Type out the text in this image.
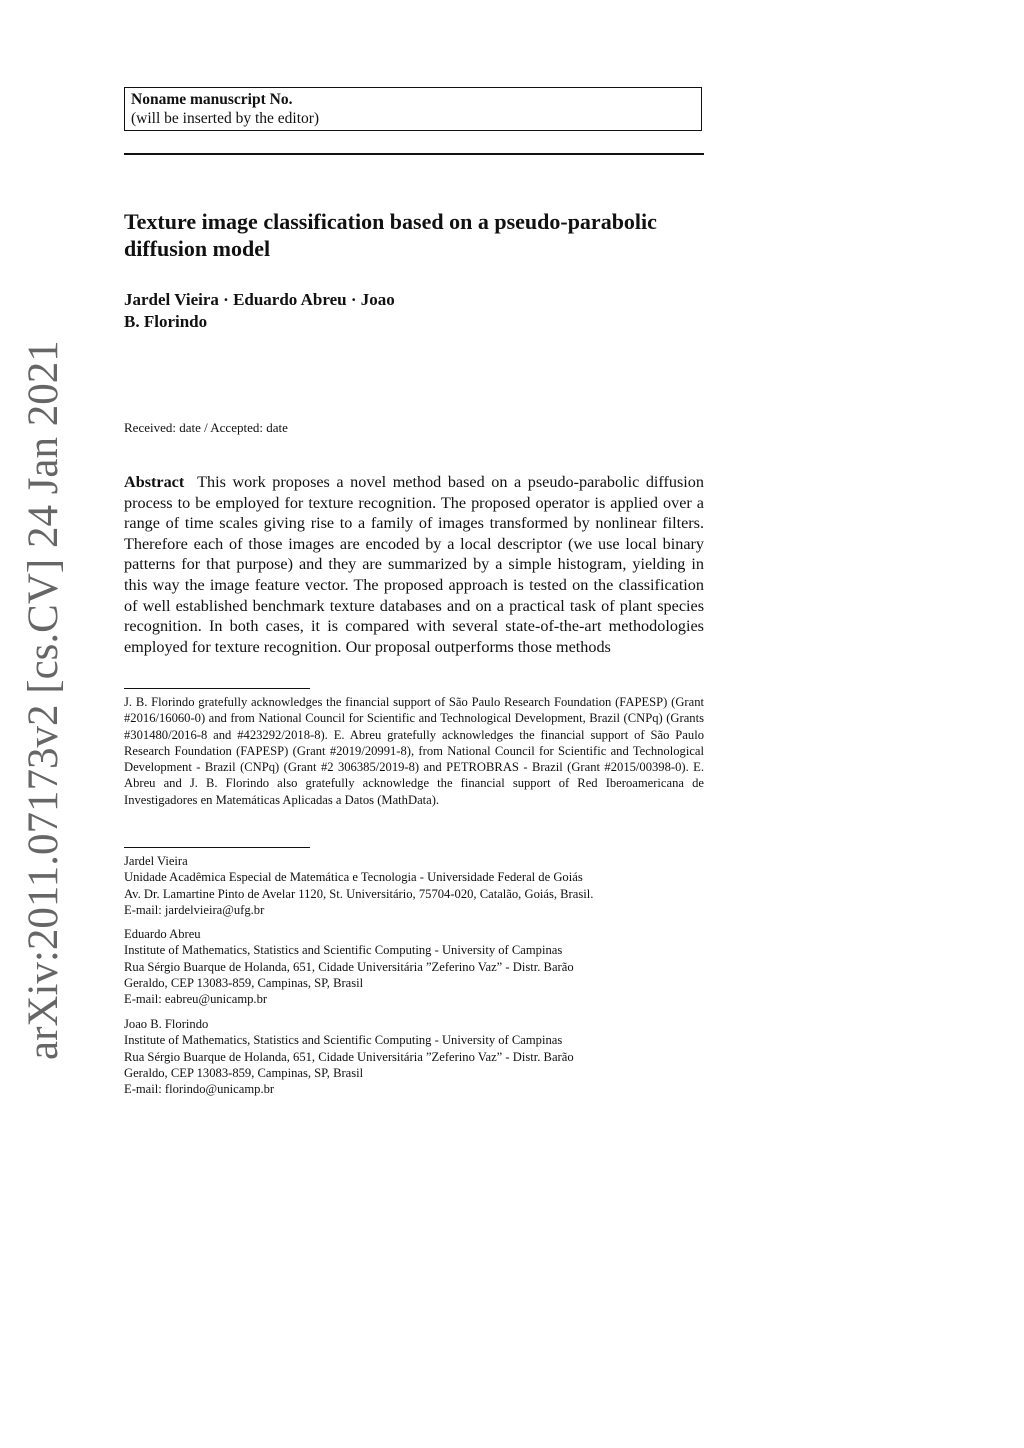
arXiv:2011.07173v2 [cs.CV] 24 Jan 2021
Noname manuscript No.
(will be inserted by the editor)
Texture image classification based on a pseudo-parabolic diffusion model
Jardel Vieira · Eduardo Abreu · Joao
B. Florindo
Received: date / Accepted: date

Abstract This work proposes a novel method based on a pseudo-parabolic diffusion process to be employed for texture recognition. The proposed operator is applied over a range of time scales giving rise to a family of images transformed by nonlinear filters. Therefore each of those images are encoded by a local descriptor (we use local binary patterns for that purpose) and they are summarized by a simple histogram, yielding in this way the image feature vector. The proposed approach is tested on the classification of well established benchmark texture databases and on a practical task of plant species recognition. In both cases, it is compared with several state-of-the-art methodologies employed for texture recognition. Our proposal outperforms those methods

J. B. Florindo gratefully acknowledges the financial support of São Paulo Research Foundation (FAPESP) (Grant #2016/16060-0) and from National Council for Scientific and Technological Development, Brazil (CNPq) (Grants #301480/2016-8 and #423292/2018-8). E. Abreu gratefully acknowledges the financial support of São Paulo Research Foundation (FAPESP) (Grant #2019/20991-8), from National Council for Scientific and Technological Development - Brazil (CNPq) (Grant #2 306385/2019-8) and PETROBRAS - Brazil (Grant #2015/00398-0). E. Abreu and J. B. Florindo also gratefully acknowledge the financial support of Red Iberoamericana de Investigadores en Matemáticas Aplicadas a Datos (MathData).

Jardel Vieira
Unidade Acadêmica Especial de Matemática e Tecnologia - Universidade Federal de Goiás
Av. Dr. Lamartine Pinto de Avelar 1120, St. Universitário, 75704-020, Catalão, Goiás, Brasil.
E-mail: jardelvieira@ufg.br
Eduardo Abreu
Institute of Mathematics, Statistics and Scientific Computing - University of Campinas
Rua Sérgio Buarque de Holanda, 651, Cidade Universitária ”Zeferino Vaz” - Distr. Barão
Geraldo, CEP 13083-859, Campinas, SP, Brasil
E-mail: eabreu@unicamp.br
Joao B. Florindo
Institute of Mathematics, Statistics and Scientific Computing - University of Campinas
Rua Sérgio Buarque de Holanda, 651, Cidade Universitária ”Zeferino Vaz” - Distr. Barão
Geraldo, CEP 13083-859, Campinas, SP, Brasil
E-mail: florindo@unicamp.br
